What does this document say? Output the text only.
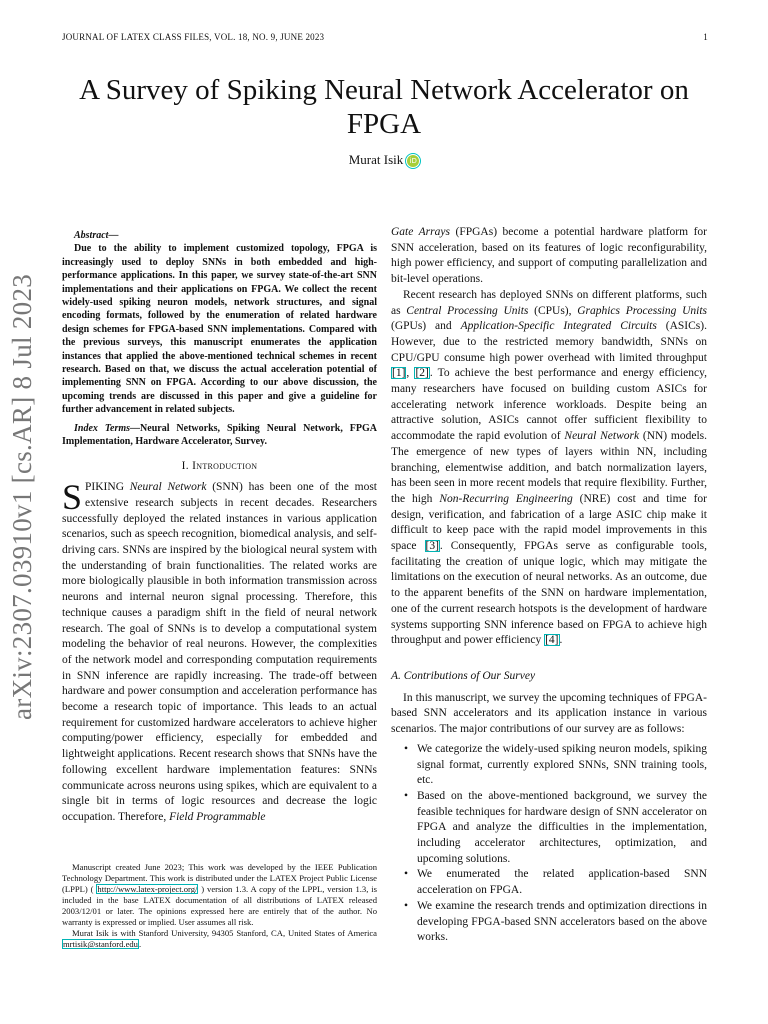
JOURNAL OF LATEX CLASS FILES, VOL. 18, NO. 9, JUNE 2023	1
A Survey of Spiking Neural Network Accelerator on FPGA
Murat Isik iD
arXiv:2307.03910v1 [cs.AR] 8 Jul 2023

Abstract—

Due to the ability to implement customized topology, FPGA is increasingly used to deploy SNNs in both embedded and high-performance applications. In this paper, we survey state-of-the-art SNN implementations and their applications on FPGA. We collect the recent widely-used spiking neuron models, network structures, and signal encoding formats, followed by the enumeration of related hardware design schemes for FPGA-based SNN implementations. Compared with the previous surveys, this manuscript enumerates the application instances that applied the above-mentioned technical schemes in recent research. Based on that, we discuss the actual acceleration potential of implementing SNN on FPGA. According to our above discussion, the upcoming trends are discussed in this paper and give a guideline for further advancement in related subjects.

Index Terms—Neural Networks, Spiking Neural Network, FPGA Implementation, Hardware Accelerator, Survey.
I. Introduction

SPIKING Neural Network (SNN) has been one of the most extensive research subjects in recent decades. Researchers successfully deployed the related instances in various application scenarios, such as speech recognition, biomedical analysis, and self-driving cars. SNNs are inspired by the biological neural system with the understanding of brain functionalities. The related works are more biologically plausible in both information transmission across neurons and internal neuron signal processing. Therefore, this technique causes a paradigm shift in the field of neural network research. The goal of SNNs is to develop a computational system modeling the behavior of real neurons. However, the complexities of the network model and corresponding computation requirements in SNN inference are rapidly increasing. The trade-off between hardware and power consumption and acceleration performance has become a research topic of importance. This leads to an actual requirement for customized hardware accelerators to achieve higher computing/power efficiency, especially for embedded and lightweight applications. Recent research shows that SNNs have the following excellent hardware implementation features: SNNs communicate across neurons using spikes, which are equivalent to a single bit in terms of logic resources and decrease the logic occupation. Therefore, Field Programmable

Gate Arrays (FPGAs) become a potential hardware platform for SNN acceleration, based on its features of logic reconfigurability, high power efficiency, and support of computing parallelization and bit-level operations.

Recent research has deployed SNNs on different platforms, such as Central Processing Units (CPUs), Graphics Processing Units (GPUs) and Application-Specific Integrated Circuits (ASICs). However, due to the restricted memory bandwidth, SNNs on CPU/GPU consume high power overhead with limited throughput [1], [2]. To achieve the best performance and energy efficiency, many researchers have focused on building custom ASICs for accelerating network inference workloads. Despite being an attractive solution, ASICs cannot offer sufficient flexibility to accommodate the rapid evolution of Neural Network (NN) models. The emergence of new types of layers within NN, including branching, elementwise addition, and batch normalization layers, has been seen in more recent models that require flexibility. Further, the high Non-Recurring Engineering (NRE) cost and time for design, verification, and fabrication of a large ASIC chip make it difficult to keep pace with the rapid model improvements in this space [3]. Consequently, FPGAs serve as configurable tools, facilitating the creation of unique logic, which may mitigate the limitations on the execution of neural networks. As an outcome, due to the apparent benefits of the SNN on hardware implementation, one of the current research hotspots is the development of hardware systems supporting SNN inference based on FPGA to achieve high throughput and power efficiency [4].

A. Contributions of Our Survey

In this manuscript, we survey the upcoming techniques of FPGA-based SNN accelerators and its application instance in various scenarios. The major contributions of our survey are as follows:

• We categorize the widely-used spiking neuron models, spiking signal format, currently explored SNNs, SNN training tools, etc.
• Based on the above-mentioned background, we survey the feasible techniques for hardware design of SNN accelerator on FPGA and analyze the difficulties in the implementation, including accelerator architectures, optimization, and upcoming solutions.
• We enumerated the related application-based SNN acceleration on FPGA.
• We examine the research trends and optimization directions in developing FPGA-based SNN accelerators based on the above works.

Manuscript created June 2023; This work was developed by the IEEE Publication Technology Department. This work is distributed under the LATEX Project Public License (LPPL) ( http://www.latex-project.org/ ) version 1.3. A copy of the LPPL, version 1.3, is included in the base LATEX documentation of all distributions of LATEX released 2003/12/01 or later. The opinions expressed here are entirely that of the author. No warranty is expressed or implied. User assumes all risk.

Murat Isik is with Stanford University, 94305 Stanford, CA, United States of America mrtisik@stanford.edu.
